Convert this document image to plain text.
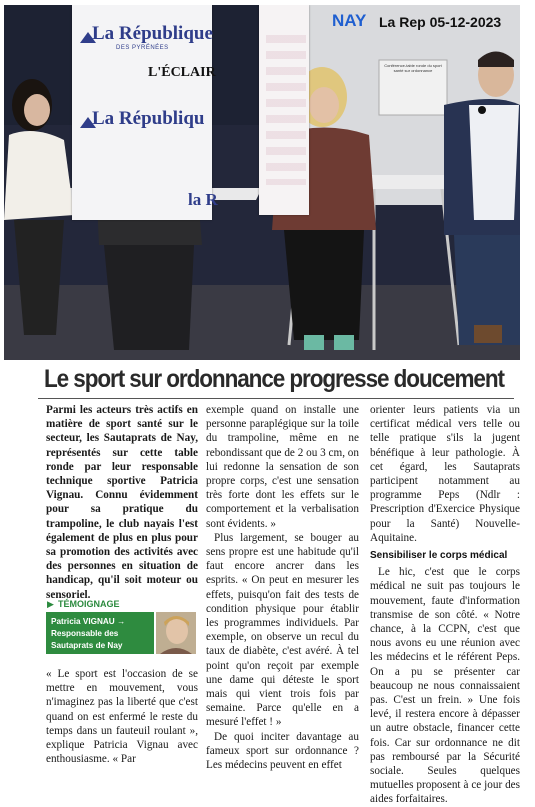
La République
DES PYRÉNÉES
L'ÉCLAIR
La Républiqu
la R
Conférence-table ronde du sport santé sur ordonnance
NAY La Rep 05-12-2023
Le sport sur ordonnance progresse doucement

Parmi les acteurs très actifs en matière de sport santé sur le secteur, les Sautaprats de Nay, représentés sur cette table ronde par leur responsable technique sportive Patricia Vignau. Connu évidemment pour sa pratique du trampoline, le club nayais l'est également de plus en plus pour sa promotion des activités avec des personnes en situation de handicap, qu'il soit moteur ou sensoriel.

▶ TÉMOIGNAGE
Patricia VIGNAU → Responsable des Sautaprats de Nay

« Le sport est l'occasion de se mettre en mouvement, vous n'imaginez pas la liberté que c'est quand on est enfermé le reste du temps dans un fauteuil roulant », explique Patricia Vignau avec enthousiasme. « Par

exemple quand on installe une personne paraplégique sur la toile du trampoline, même en ne rebondissant que de 2 ou 3 cm, on lui redonne la sensation de son propre corps, c'est une sensation très forte dont les effets sur le comportement et la verbalisation sont évidents. »

Plus largement, se bouger au sens propre est une habitude qu'il faut encore ancrer dans les esprits. « On peut en mesurer les effets, puisqu'on fait des tests de condition physique pour établir les programmes individuels. Par exemple, on observe un recul du taux de diabète, c'est avéré. À tel point qu'on reçoit par exemple une dame qui déteste le sport mais qui vient trois fois par semaine. Parce qu'elle en a mesuré l'effet ! »

De quoi inciter davantage au fameux sport sur ordonnance ? Les médecins peuvent en effet

orienter leurs patients via un certificat médical vers telle ou telle pratique s'ils la jugent bénéfique à leur pathologie. À cet égard, les Sautaprats participent notamment au programme Peps (Ndlr : Prescription d'Exercice Physique pour la Santé) Nouvelle-Aquitaine.

Sensibiliser le corps médical

Le hic, c'est que le corps médical ne suit pas toujours le mouvement, faute d'information transmise de son côté. « Notre chance, à la CCPN, c'est que nous avons eu une réunion avec les médecins et le référent Peps. On a pu se présenter car beaucoup ne nous connaissaient pas. C'est un frein. » Une fois levé, il restera encore à dépasser un autre obstacle, financer cette fois. Car sur ordonnance ne dit pas remboursé par la Sécurité sociale. Seules quelques mutuelles proposent à ce jour des aides forfaitaires.
